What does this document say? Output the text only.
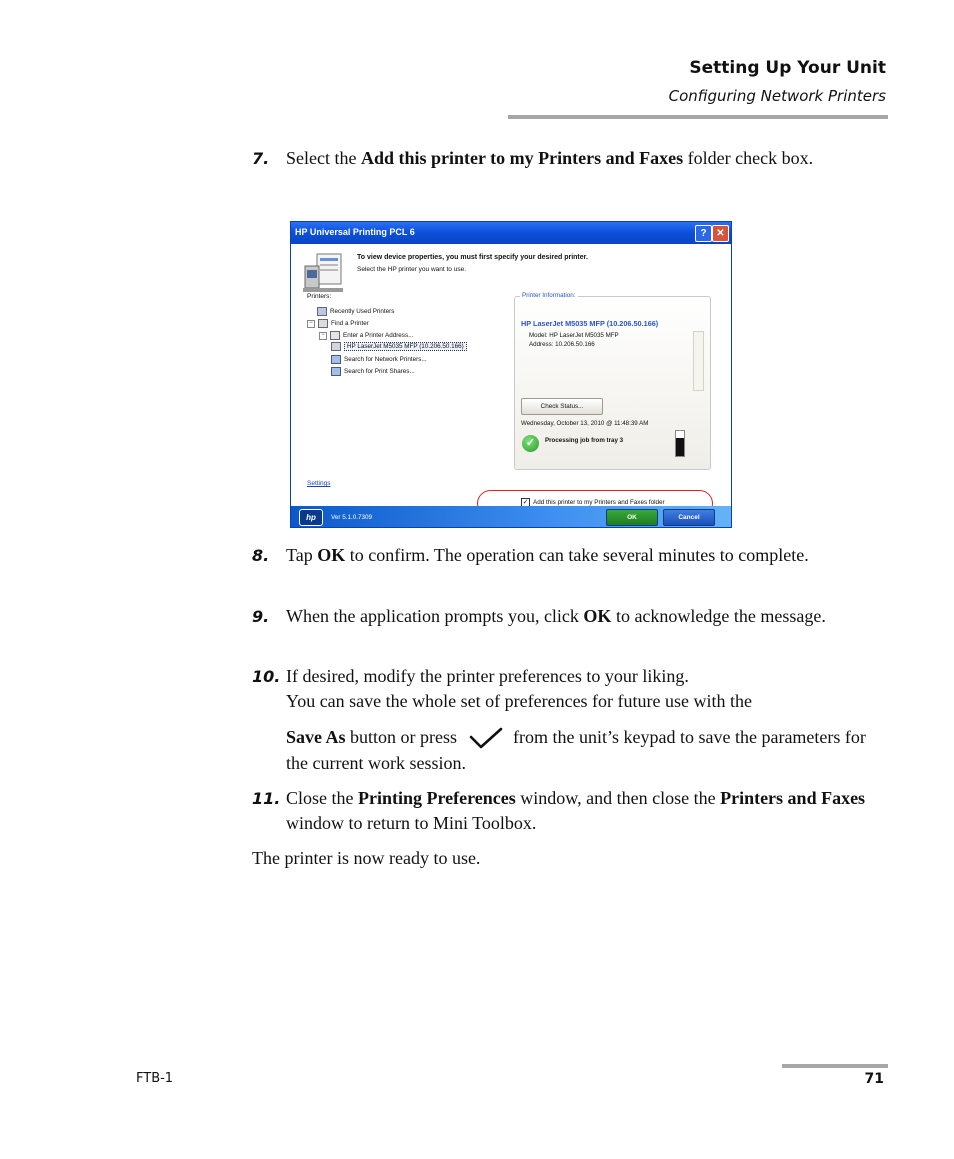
Setting Up Your Unit
Configuring Network Printers
7. Select the Add this printer to my Printers and Faxes folder check box.
HP Universal Printing PCL 6	? ✕
To view device properties, you must first specify your desired printer.
Select the HP printer you want to use.
Printers:
Recently Used Printers
−	Find a Printer
−	Enter a Printer Address...
HP LaserJet M5035 MFP (10.206.50.166)
Search for Network Printers...
Search for Print Shares...
Settings
Printer Information:
HP LaserJet M5035 MFP (10.206.50.166)
Model: HP LaserJet M5035 MFP
Address: 10.206.50.166
Check Status...
Wednesday, October 13, 2010 @ 11:48:39 AM
✓	Processing job from tray 3
✓ Add this printer to my Printers and Faxes folder
hp	Ver 5.1.0.7309	OK	Cancel
8. Tap OK to confirm. The operation can take several minutes to complete.
9. When the application prompts you, click OK to acknowledge the message.
10. If desired, modify the printer preferences to your liking.
You can save the whole set of preferences for future use with the
Save As button or press	from the unit’s keypad to save the parameters for the current work session.
11. Close the Printing Preferences window, and then close the Printers and Faxes window to return to Mini Toolbox.
The printer is now ready to use.
FTB-1	71
